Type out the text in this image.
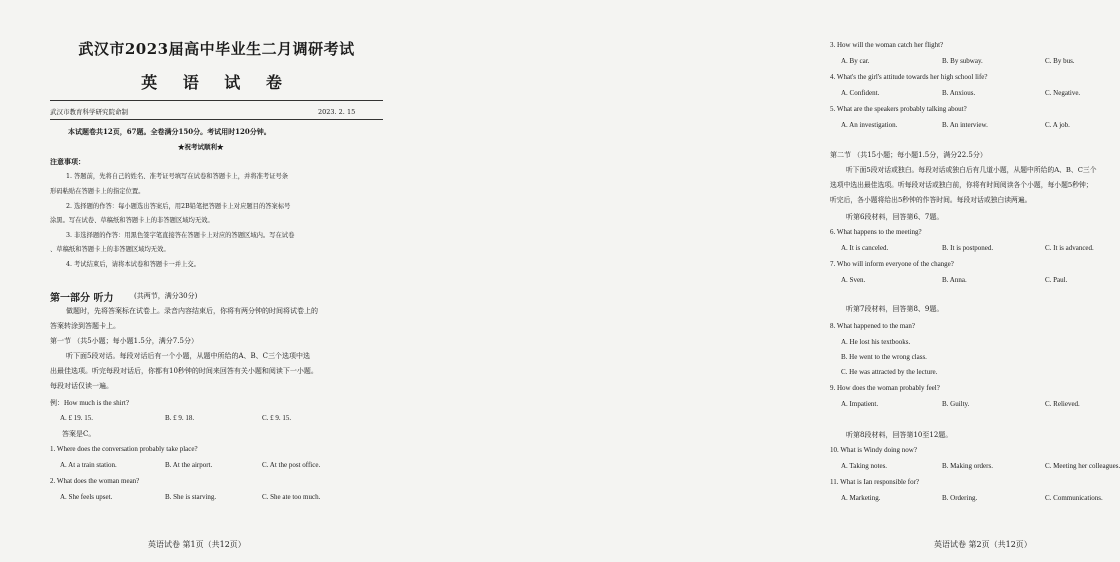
武汉市2023届高中毕业生二月调研考试
英 语 试 卷
武汉市教育科学研究院命制	2023. 2. 15
本试题卷共12页，67题。全卷满分150分。考试用时120分钟。
★祝考试顺利★
注意事项：
1. 答题前，先将自己的姓名、准考证号填写在试卷和答题卡上，并将准考证号条
形码粘贴在答题卡上的指定位置。
2. 选择题的作答：每小题选出答案后，用2B铅笔把答题卡上对应题目的答案标号
涂黑。写在试卷、草稿纸和答题卡上的非答题区域均无效。
3. 非选择题的作答：用黑色签字笔直接答在答题卡上对应的答题区域内。写在试卷
、草稿纸和答题卡上的非答题区域均无效。
4. 考试结束后，请将本试卷和答题卡一并上交。
第一部分 听力	(共两节，满分30分)
做题时，先将答案标在试卷上。录音内容结束后，你将有两分钟的时间将试卷上的
答案转涂到答题卡上。
第一节 （共5小题；每小题1.5分，满分7.5分）
听下面5段对话。每段对话后有一个小题，从题中所给的A、B、C三个选项中选
出最佳选项。听完每段对话后，你都有10秒钟的时间来回答有关小题和阅读下一小题。
每段对话仅读一遍。
例：How much is the shirt?
A. £ 19. 15.	B. £ 9. 18.	C. £ 9. 15.
答案是C。
1. Where does the conversation probably take place?
A. At a train station.	B. At the airport.	C. At the post office.
2. What does the woman mean?
A. She feels upset.	B. She is starving.	C. She ate too much.
英语试卷 第1页（共12页）
3. How will the woman catch her flight?
A. By car.	B. By subway.	C. By bus.
4. What's the girl's attitude towards her high school life?
A. Confident.	B. Anxious.	C. Negative.
5. What are the speakers probably talking about?
A. An investigation.	B. An interview.	C. A job.
第二节 （共15小题；每小题1.5分，满分22.5分）
听下面5段对话或独白。每段对话或独白后有几道小题，从题中所给的A、B、C三个
选项中选出最佳选项。听每段对话或独白前，你将有时间阅读各个小题，每小题5秒钟；
听完后，各小题将给出5秒钟的作答时间。每段对话或独白读两遍。
听第6段材料，回答第6、7题。
6. What happens to the meeting?
A. It is canceled.	B. It is postponed.	C. It is advanced.
7. Who will inform everyone of the change?
A. Sven.	B. Anna.	C. Paul.
听第7段材料，回答第8、9题。
8. What happened to the man?
A. He lost his textbooks.
B. He went to the wrong class.
C. He was attracted by the lecture.
9. How does the woman probably feel?
A. Impatient.	B. Guilty.	C. Relieved.
听第8段材料，回答第10至12题。
10. What is Windy doing now?
A. Taking notes.	B. Making orders.	C. Meeting her colleagues.
11. What is Ian responsible for?
A. Marketing.	B. Ordering.	C. Communications.
英语试卷 第2页（共12页）
